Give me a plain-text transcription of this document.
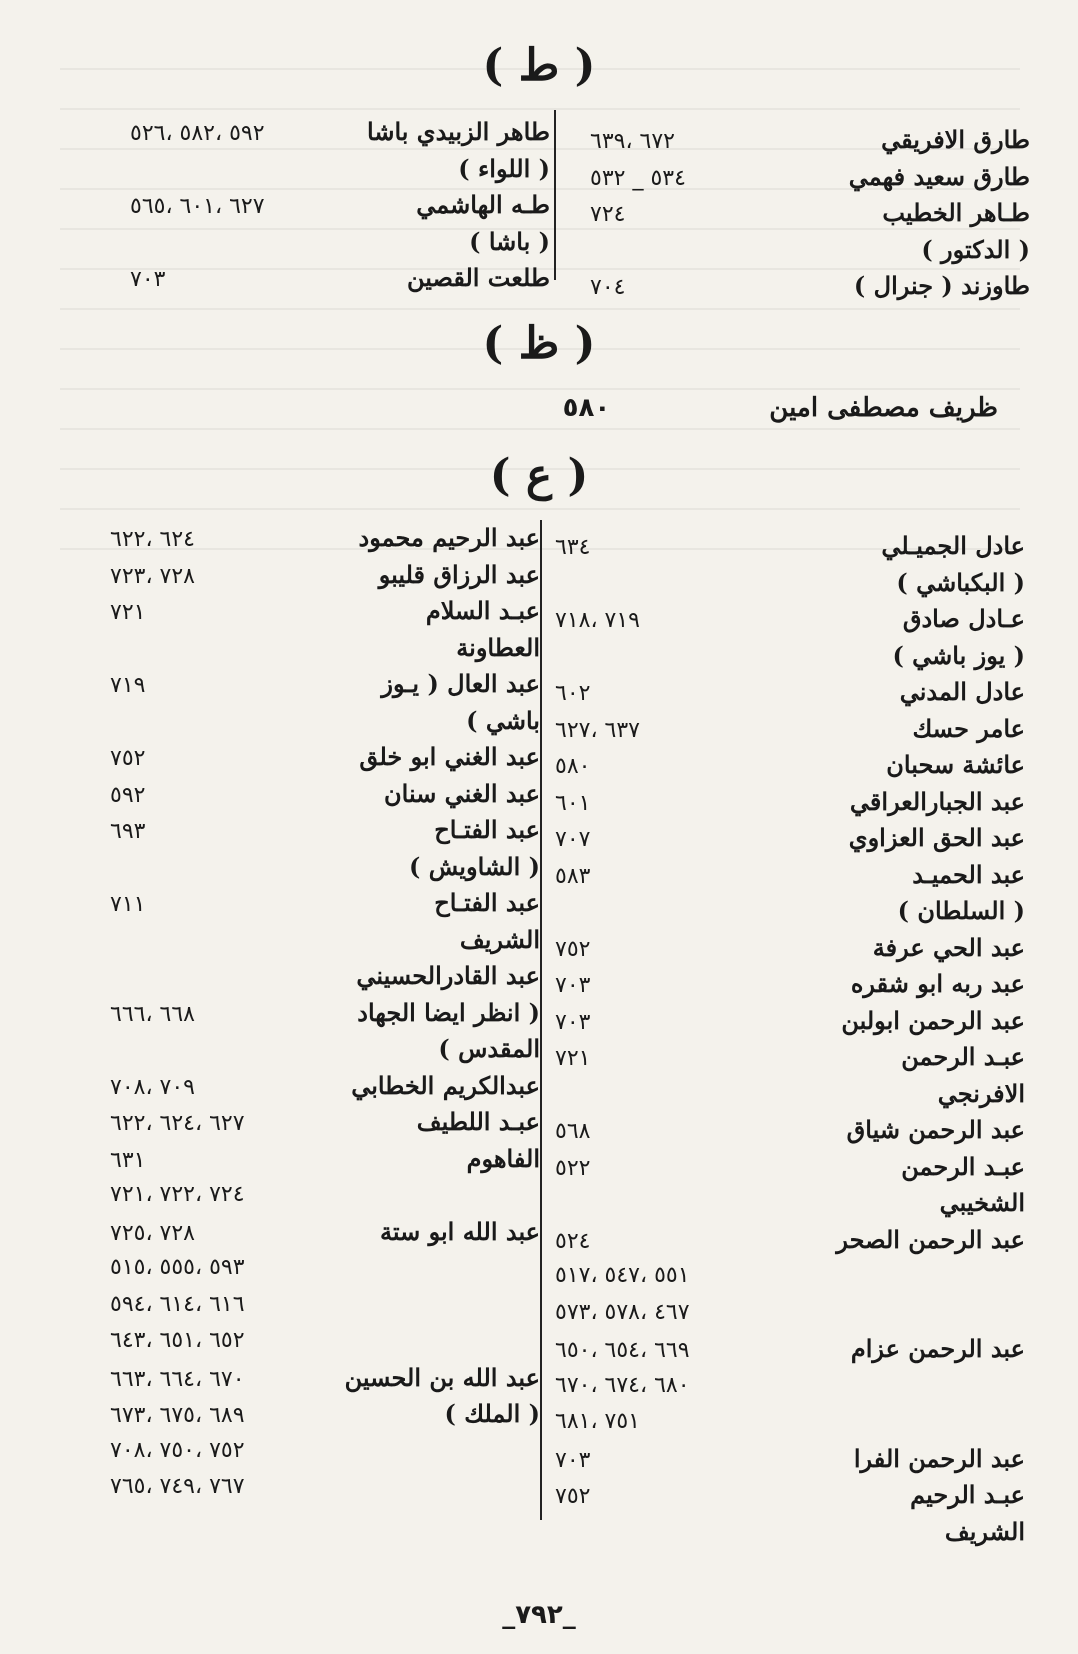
( ط )
طارق الافريقي
٦٧٢ ،٦٣٩
طارق سعيد فهمي
٥٣٤ _ ٥٣٢
طـاهر الخطيب
٧٢٤
( الدكتور )
طاوزند ( جنرال )
٧٠٤
طاهر الزبيدي باشا
٥٩٢ ،٥٨٢ ،٥٢٦
( اللواء )
طـه الهاشمي
٦٢٧ ،٦٠١ ،٥٦٥
( باشا )
طلعت القصين
٧٠٣
( ظ )
ظريف مصطفى امين ٥٨٠
( ع )
عادل الجميـلي
٦٣٤
( البكباشي )
عـادل صادق
٧١٩ ،٧١٨
( يوز باشي )
عادل المدني
٦٠٢
عامر حسك
٦٣٧ ،٦٢٧
عائشة سحبان
٥٨٠
عبد الجبارالعراقي
٦٠١
عبد الحق العزاوي
٧٠٧
عبد الحميـد
٥٨٣
( السلطان )
عبد الحي عرفة
٧٥٢
عبد ربه ابو شقره
٧٠٣
عبد الرحمن ابولبن
٧٠٣
عبـد الرحمن
٧٢١
الافرنجي
عبد الرحمن شياق
٥٦٨
عبـد الرحمن
٥٢٢
الشخيبي
عبد الرحمن الصحر
٥٢٤
٥٥١ ،٥٤٧ ،٥١٧
٤٦٧ ،٥٧٨ ،٥٧٣
عبد الرحمن عزام
٦٦٩ ،٦٥٤ ،٦٥٠
٦٨٠ ،٦٧٤ ،٦٧٠
٧٥١ ،٦٨١
عبد الرحمن الفرا
٧٠٣
عبـد الرحيم
٧٥٢
الشريف
عبد الرحيم محمود
٦٢٤ ،٦٢٢
عبد الرزاق قليبو
٧٢٨ ،٧٢٣
عبـد السلام
٧٢١
العطاونة
عبد العال ( يـوز
٧١٩
باشي )
عبد الغني ابو خلق
٧٥٢
عبد الغني سنان
٥٩٢
عبد الفتـاح
٦٩٣
( الشاويش )
عبد الفتـاح
٧١١
الشريف
عبد القادرالحسيني
( انظر ايضا الجهاد
٦٦٨ ،٦٦٦
المقدس )
عبدالكريم الخطابي
٧٠٩ ،٧٠٨
عبـد اللطيف
٦٢٧ ،٦٢٤ ،٦٢٢
الفاهوم
٦٣١
٧٢٤ ،٧٢٢ ،٧٢١
عبد الله ابو ستة
٧٢٨ ،٧٢٥
٥٩٣ ،٥٥٥ ،٥١٥
٦١٦ ،٦١٤ ،٥٩٤
٦٥٢ ،٦٥١ ،٦٤٣
عبد الله بن الحسين
٦٧٠ ،٦٦٤ ،٦٦٣
( الملك )
٦٨٩ ،٦٧٥ ،٦٧٣
٧٥٢ ،٧٥٠ ،٧٠٨
٧٦٧ ،٧٤٩ ،٧٦٥
_٧٩٢_
